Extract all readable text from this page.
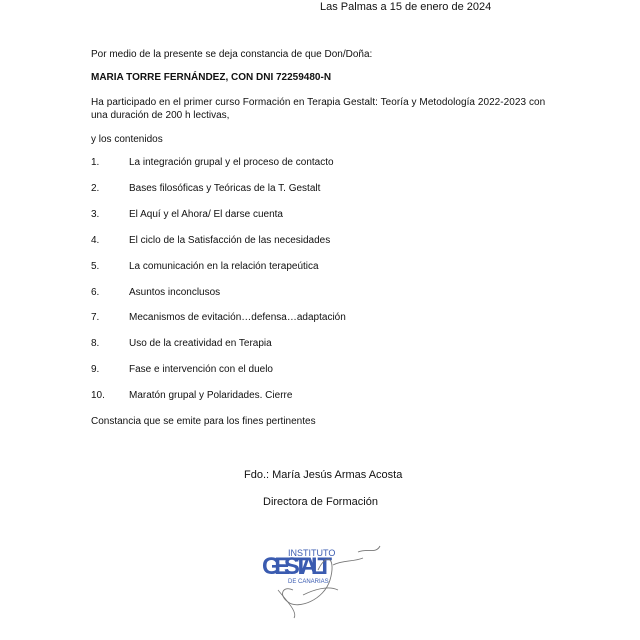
Las Palmas a 15 de enero de 2024
Por medio de la presente se deja constancia de que Don/Doña:
MARIA TORRE FERNÁNDEZ, CON DNI 72259480-N
Ha participado en el primer curso Formación en Terapia Gestalt: Teoría y Metodología 2022-2023 con
una duración de 200 h lectivas,
y los contenidos
1.	La integración grupal y el proceso de contacto
2.	Bases filosóficas y Teóricas de la T. Gestalt
3.	El Aquí y el Ahora/ El darse cuenta
4.	El ciclo de la Satisfacción de las necesidades
5.	La comunicación en la relación terapeútica
6.	Asuntos inconclusos
7.	Mecanismos de evitación…defensa…adaptación
8.	Uso de la creatividad en Terapia
9.	Fase e intervención con el duelo
10. Maratón grupal y Polaridades. Cierre
Constancia que se emite para los fines pertinentes
Fdo.: María Jesús Armas Acosta
Directora de Formación
INSTITUTO
GESTALT
DE CANARIAS
